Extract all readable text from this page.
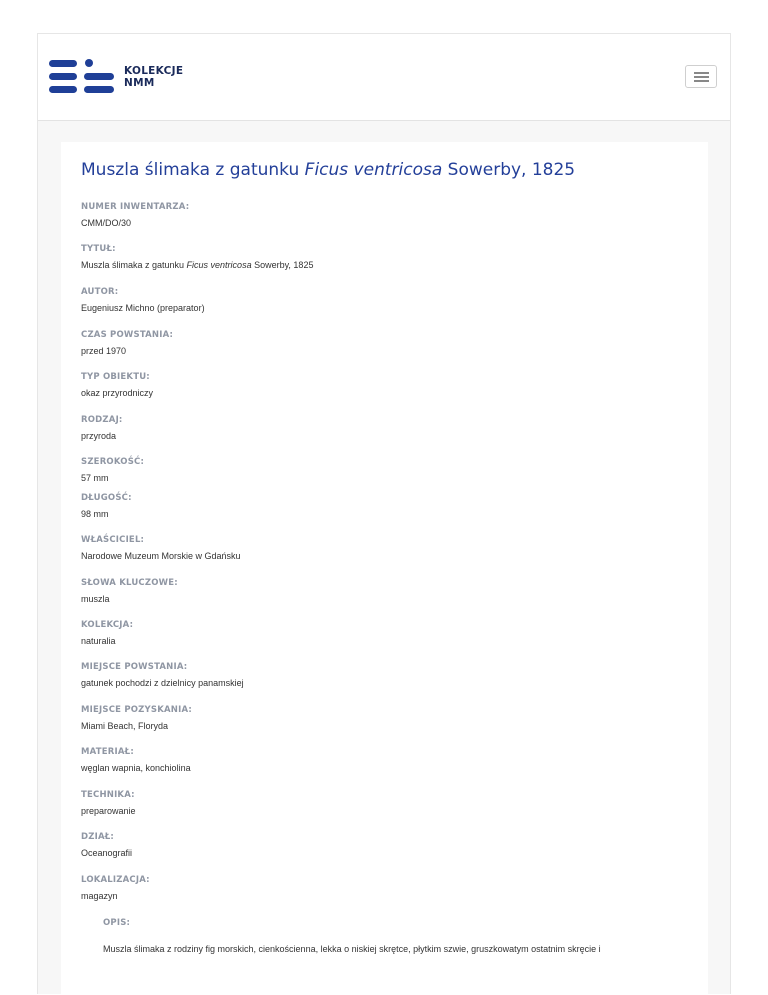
KOLEKCJE
NMM
Muszla ślimaka z gatunku Ficus ventricosa Sowerby, 1825
NUMER INWENTARZA:
CMM/DO/30
TYTUŁ:
Muszla ślimaka z gatunku Ficus ventricosa Sowerby, 1825
AUTOR:
Eugeniusz Michno (preparator)
CZAS POWSTANIA:
przed 1970
TYP OBIEKTU:
okaz przyrodniczy
RODZAJ:
przyroda
SZEROKOŚĆ:
57 mm
DŁUGOŚĆ:
98 mm
WŁAŚCICIEL:
Narodowe Muzeum Morskie w Gdańsku
SŁOWA KLUCZOWE:
muszla
KOLEKCJA:
naturalia
MIEJSCE POWSTANIA:
gatunek pochodzi z dzielnicy panamskiej
MIEJSCE POZYSKANIA:
Miami Beach, Floryda
MATERIAŁ:
węglan wapnia, konchiolina
TECHNIKA:
preparowanie
DZIAŁ:
Oceanografii
LOKALIZACJA:
magazyn
OPIS:
Muszla ślimaka z rodziny fig morskich, cienkościenna, lekka o niskiej skrętce, płytkim szwie, gruszkowatym ostatnim skręcie i
